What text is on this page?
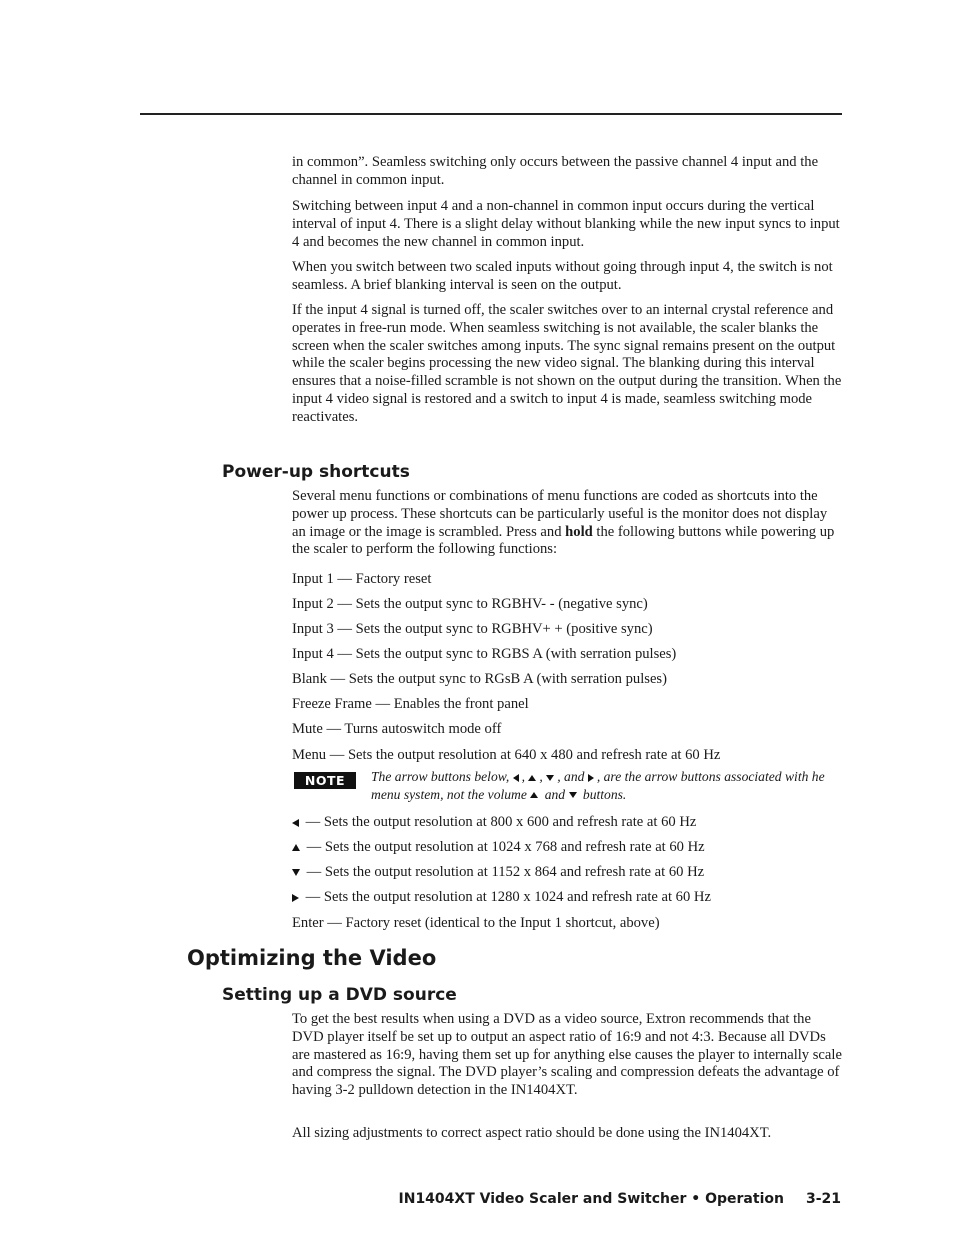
in common”. Seamless switching only occurs between the passive channel 4 input and the channel in common input.

Switching between input 4 and a non-channel in common input occurs during the vertical interval of input 4. There is a slight delay without blanking while the new input syncs to input 4 and becomes the new channel in common input.

When you switch between two scaled inputs without going through input 4, the switch is not seamless. A brief blanking interval is seen on the output.

If the input 4 signal is turned off, the scaler switches over to an internal crystal reference and operates in free-run mode. When seamless switching is not available, the scaler blanks the screen when the scaler switches among inputs. The sync signal remains present on the output while the scaler begins processing the new video signal. The blanking during this interval ensures that a noise-filled scramble is not shown on the output during the transition. When the input 4 video signal is restored and a switch to input 4 is made, seamless switching mode reactivates.

Power-up shortcuts

Several menu functions or combinations of menu functions are coded as shortcuts into the power up process. These shortcuts can be particularly useful is the monitor does not display an image or the image is scrambled. Press and hold the following buttons while powering up the scaler to perform the following functions:

Input 1 — Factory reset
Input 2 — Sets the output sync to RGBHV- - (negative sync)
Input 3 — Sets the output sync to RGBHV+ + (positive sync)
Input 4 — Sets the output sync to RGBS A (with serration pulses)
Blank — Sets the output sync to RGsB A (with serration pulses)
Freeze Frame — Enables the front panel
Mute — Turns autoswitch mode off
Menu — Sets the output resolution at 640 x 480 and refresh rate at 60 Hz
NOTE	The arrow buttons below, , , , and , are the arrow buttons associated with he menu system, not the volume  and  buttons.
— Sets the output resolution at 800 x 600 and refresh rate at 60 Hz
— Sets the output resolution at 1024 x 768 and refresh rate at 60 Hz
— Sets the output resolution at 1152 x 864 and refresh rate at 60 Hz
— Sets the output resolution at 1280 x 1024 and refresh rate at 60 Hz
Enter — Factory reset (identical to the Input 1 shortcut, above)
Optimizing the Video
Setting up a DVD source

To get the best results when using a DVD as a video source, Extron recommends that the DVD player itself be set up to output an aspect ratio of 16:9 and not 4:3. Because all DVDs are mastered as 16:9, having them set up for anything else causes the player to internally scale and compress the signal. The DVD player’s scaling and compression defeats the advantage of having 3-2 pulldown detection in the IN1404XT.

All sizing adjustments to correct aspect ratio should be done using the IN1404XT.

IN1404XT Video Scaler and Switcher • Operation 3-21
